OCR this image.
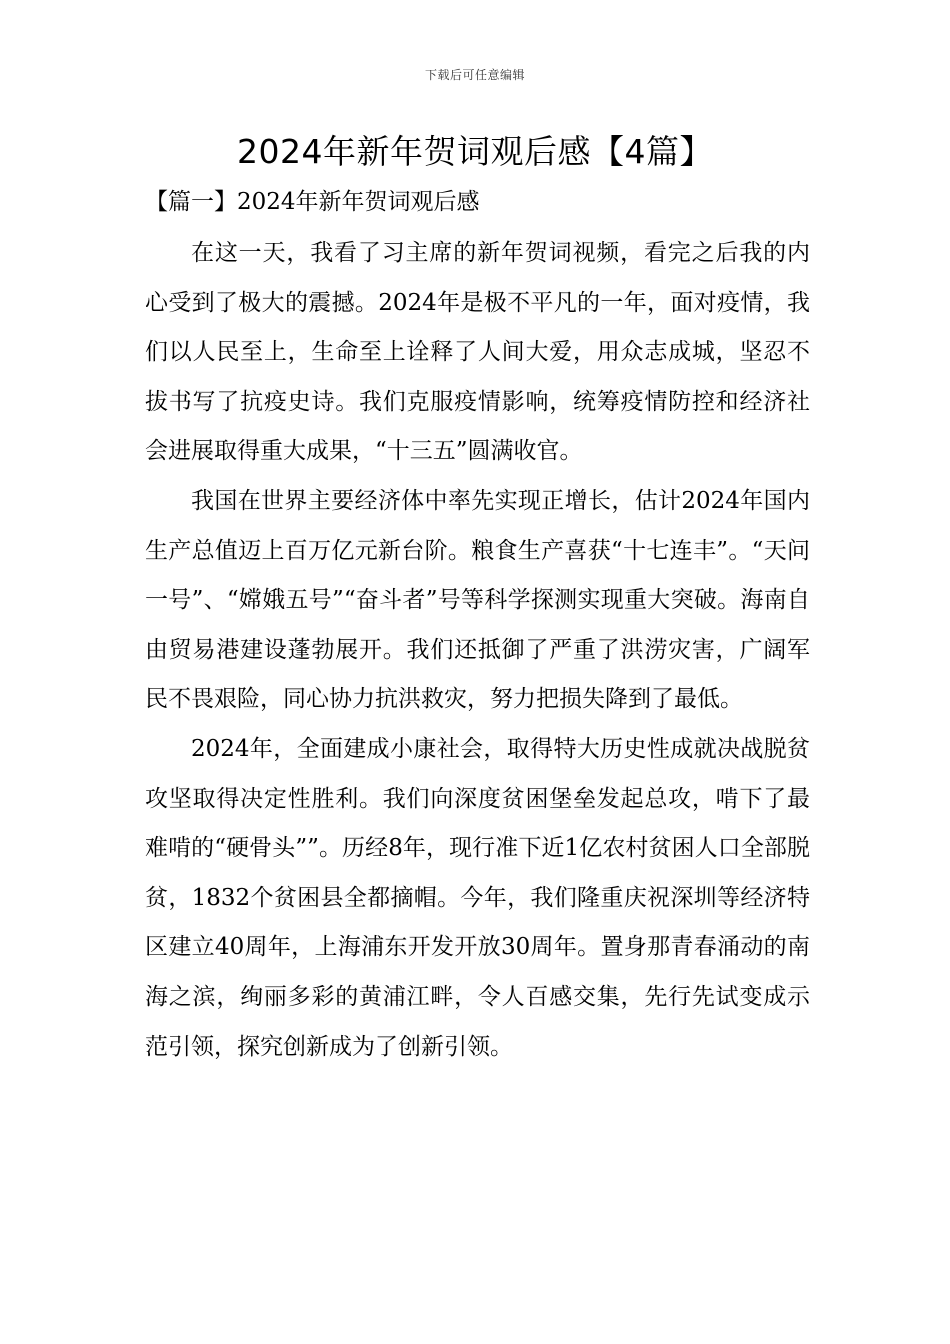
下载后可任意编辑
2024年新年贺词观后感【4篇】
【篇一】2024年新年贺词观后感

在这一天，我看了习主席的新年贺词视频，看完之后我的内心受到了极大的震撼。2024年是极不平凡的一年，面对疫情，我们以人民至上，生命至上诠释了人间大爱，用众志成城，坚忍不拔书写了抗疫史诗。我们克服疫情影响，统筹疫情防控和经济社会进展取得重大成果，“十三五”圆满收官。

我国在世界主要经济体中率先实现正增长，估计2024年国内生产总值迈上百万亿元新台阶。粮食生产喜获“十七连丰”。“天问一号”、“嫦娥五号”“奋斗者”号等科学探测实现重大突破。海南自由贸易港建设蓬勃展开。我们还抵御了严重了洪涝灾害，广阔军民不畏艰险，同心协力抗洪救灾，努力把损失降到了最低。

2024年，全面建成小康社会，取得特大历史性成就决战脱贫攻坚取得决定性胜利。我们向深度贫困堡垒发起总攻，啃下了最难啃的“硬骨头””。历经8年，现行准下近1亿农村贫困人口全部脱贫，1832个贫困县全都摘帽。今年，我们隆重庆祝深圳等经济特区建立40周年，上海浦东开发开放30周年。置身那青春涌动的南海之滨，绚丽多彩的黄浦江畔，令人百感交集，先行先试变成示范引领，探究创新成为了创新引领。
